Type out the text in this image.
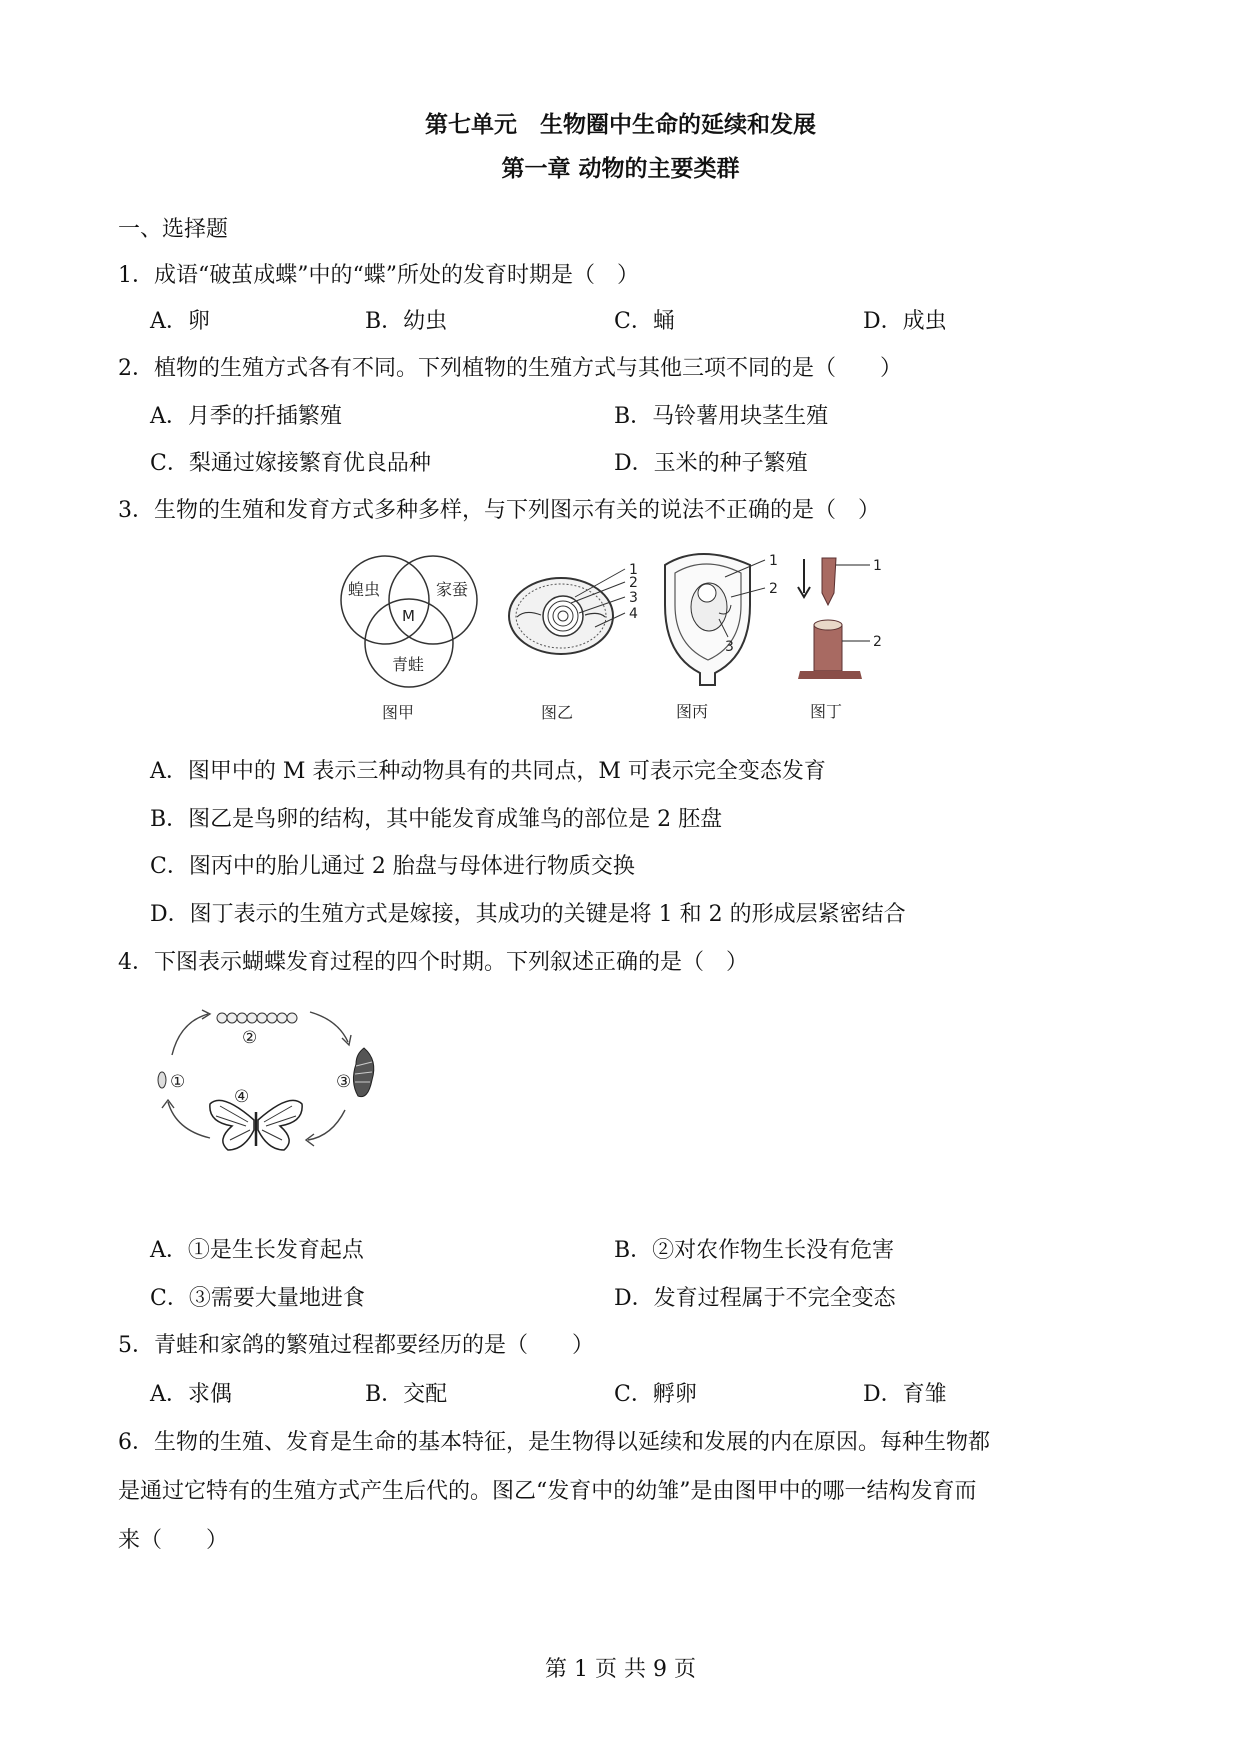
第七单元　生物圈中生命的延续和发展
第一章 动物的主要类群
一、选择题
1．成语“破茧成蝶”中的“蝶”所处的发育时期是（　）
A．卵	B．幼虫	C．蛹	D．成虫
2．植物的生殖方式各有不同。下列植物的生殖方式与其他三项不同的是（　　）
A．月季的扦插繁殖	B．马铃薯用块茎生殖
C．梨通过嫁接繁育优良品种	D．玉米的种子繁殖
3．生物的生殖和发育方式多种多样，与下列图示有关的说法不正确的是（　）
蝗虫	家蚕
青蛙
M
图甲
1
2
3
4
图乙
1
2
3
图丙
1
2
图丁
A．图甲中的 M 表示三种动物具有的共同点，M 可表示完全变态发育
B．图乙是鸟卵的结构，其中能发育成雏鸟的部位是 2 胚盘
C．图丙中的胎儿通过 2 胎盘与母体进行物质交换
D．图丁表示的生殖方式是嫁接，其成功的关键是将 1 和 2 的形成层紧密结合
4．下图表示蝴蝶发育过程的四个时期。下列叙述正确的是（　）
①
②
③
④
A．①是生长发育起点	B．②对农作物生长没有危害
C．③需要大量地进食	D．发育过程属于不完全变态
5．青蛙和家鸽的繁殖过程都要经历的是（　　）
A．求偶	B．交配	C．孵卵	D．育雏
6．生物的生殖、发育是生命的基本特征，是生物得以延续和发展的内在原因。每种生物都
是通过它特有的生殖方式产生后代的。图乙“发育中的幼雏”是由图甲中的哪一结构发育而
来（　　）
第 1 页 共 9 页
